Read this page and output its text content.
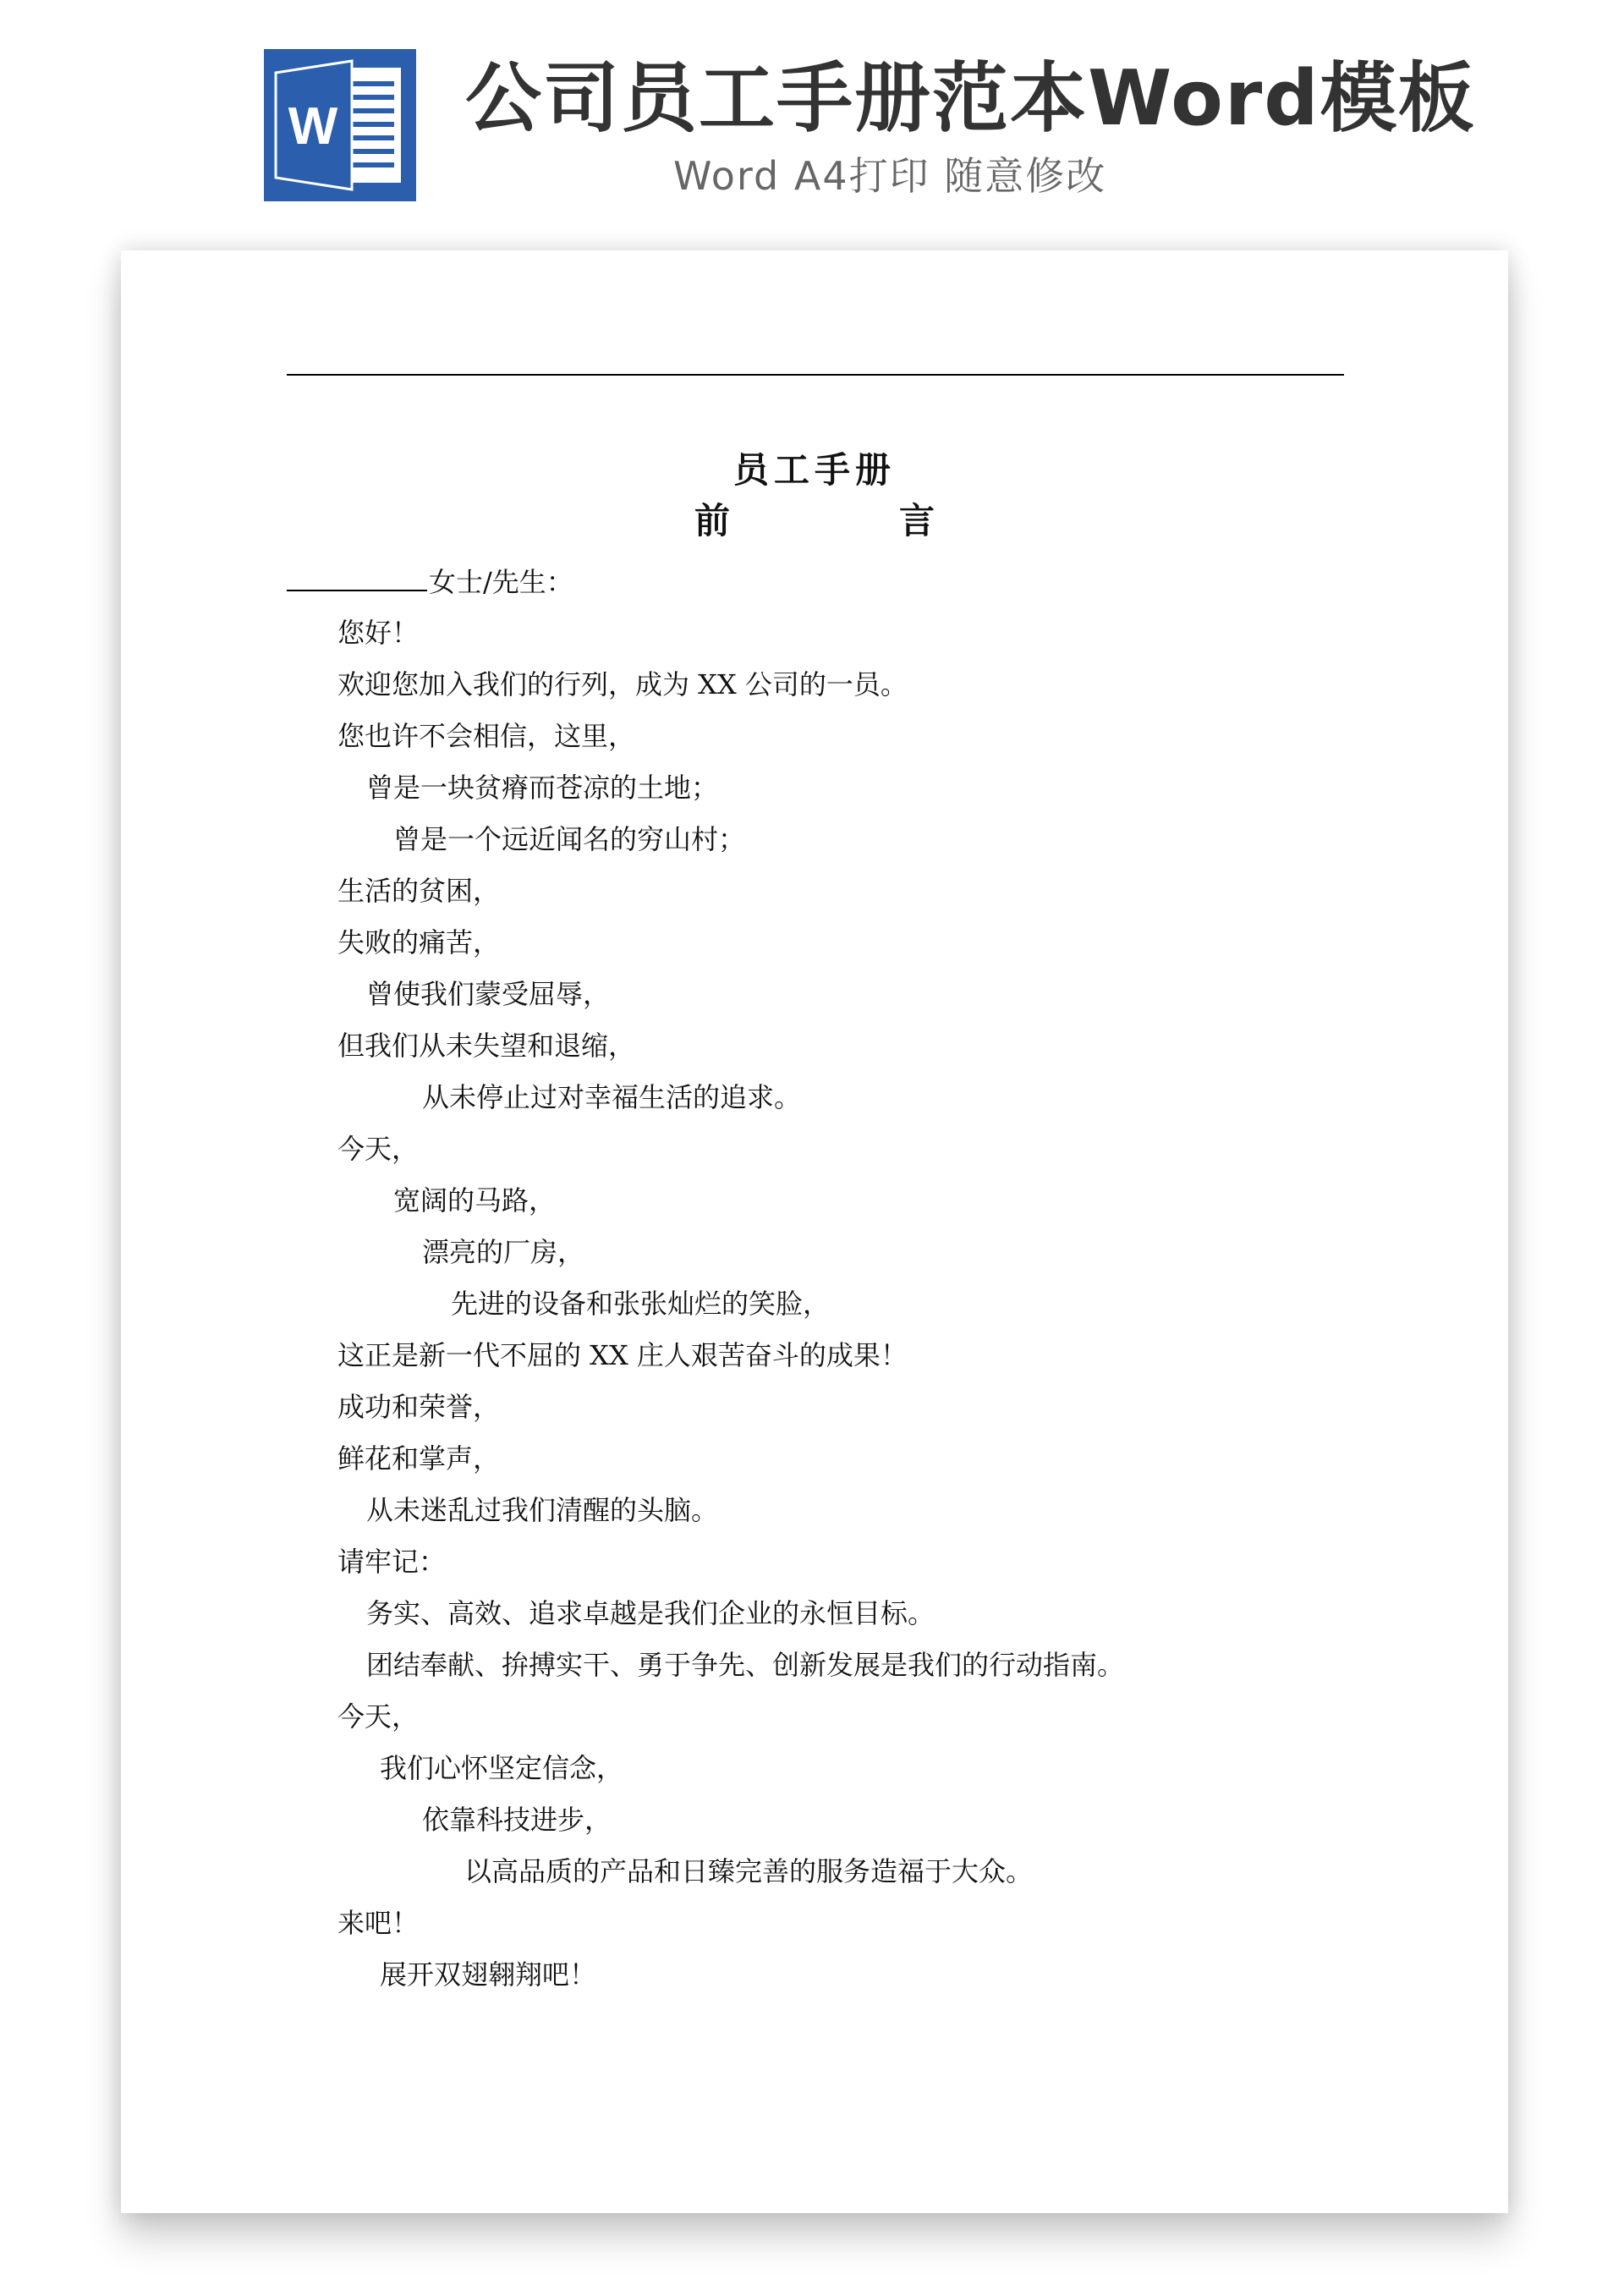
W 公司员工手册范本Word模板
Word A4打印 随意修改
员工手册
前	言
女士/先生：
您好！
欢迎您加入我们的行列，成为 XX 公司的一员。
您也许不会相信，这里，
曾是一块贫瘠而苍凉的土地；
曾是一个远近闻名的穷山村；
生活的贫困，
失败的痛苦，
曾使我们蒙受屈辱，
但我们从未失望和退缩，
从未停止过对幸福生活的追求。
今天，
宽阔的马路，
漂亮的厂房，
先进的设备和张张灿烂的笑脸，
这正是新一代不屈的 XX 庄人艰苦奋斗的成果！
成功和荣誉，
鲜花和掌声，
从未迷乱过我们清醒的头脑。
请牢记：
务实、高效、追求卓越是我们企业的永恒目标。
团结奉献、拚搏实干、勇于争先、创新发展是我们的行动指南。
今天，
我们心怀坚定信念，
依靠科技进步，
以高品质的产品和日臻完善的服务造福于大众。
来吧！
展开双翅翱翔吧！
